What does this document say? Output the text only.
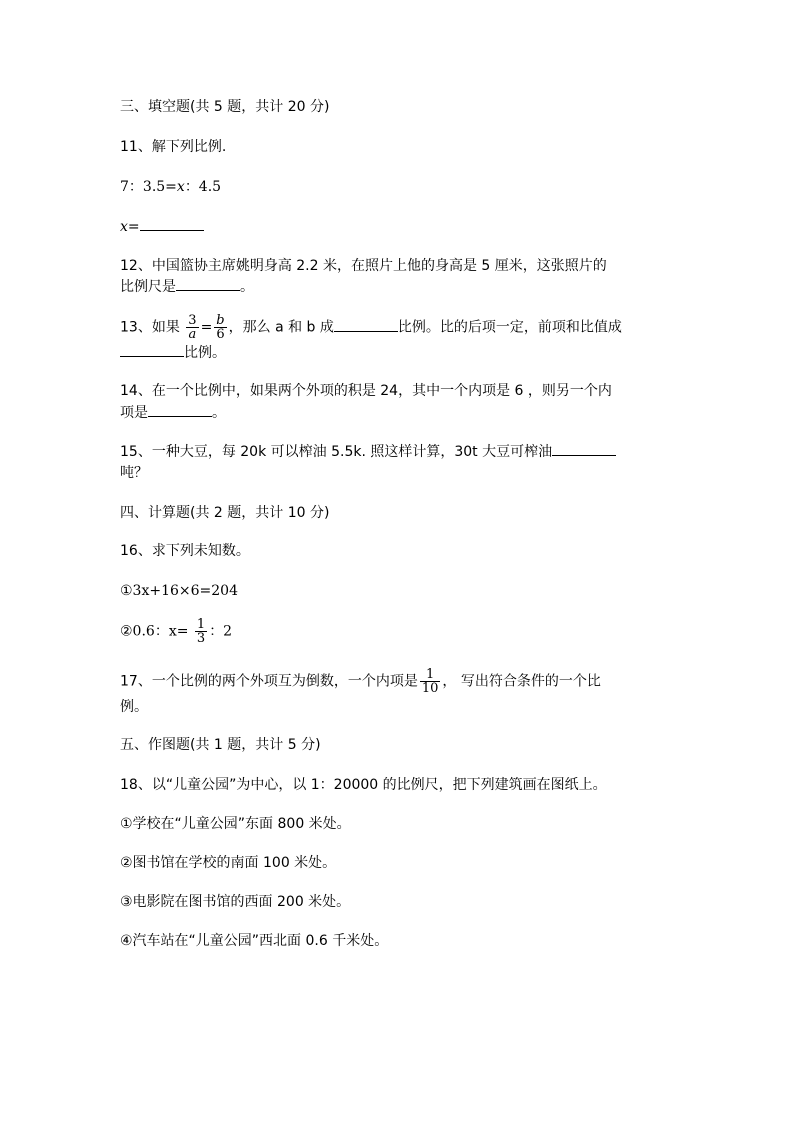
三、填空题(共 5 题，共计 20 分)
11、解下列比例.
7：3.5=x：4.5
x=
12、中国篮协主席姚明身高 2.2 米，在照片上他的身高是 5 厘米，这张照片的
比例尺是	。
13、如果 $\frac{3}{a} = \frac{b}{6}$ ，那么 a 和 b 成	比例。比的后项一定，前项和比值成
比例。
14、在一个比例中，如果两个外项的积是 24，其中一个内项是 6 ，则另一个内
项是	。
15、一种大豆，每 20k 可以榨油 5.5k. 照这样计算，30t 大豆可榨油
吨？
四、计算题(共 2 题，共计 10 分)
16、求下列未知数。
①3x+16×6=204
②0.6：$x= \frac{1}{3}$ ：2
17、一个比例的两个外项互为倒数，一个内项是 $\frac{1}{10}$ ， 写出符合条件的一个比
例。
五、作图题(共 1 题，共计 5 分)
18、以“儿童公园”为中心，以 1：20000 的比例尺，把下列建筑画在图纸上。
①学校在“儿童公园”东面 800 米处。
②图书馆在学校的南面 100 米处。
③电影院在图书馆的西面 200 米处。
④汽车站在“儿童公园”西北面 0.6 千米处。
